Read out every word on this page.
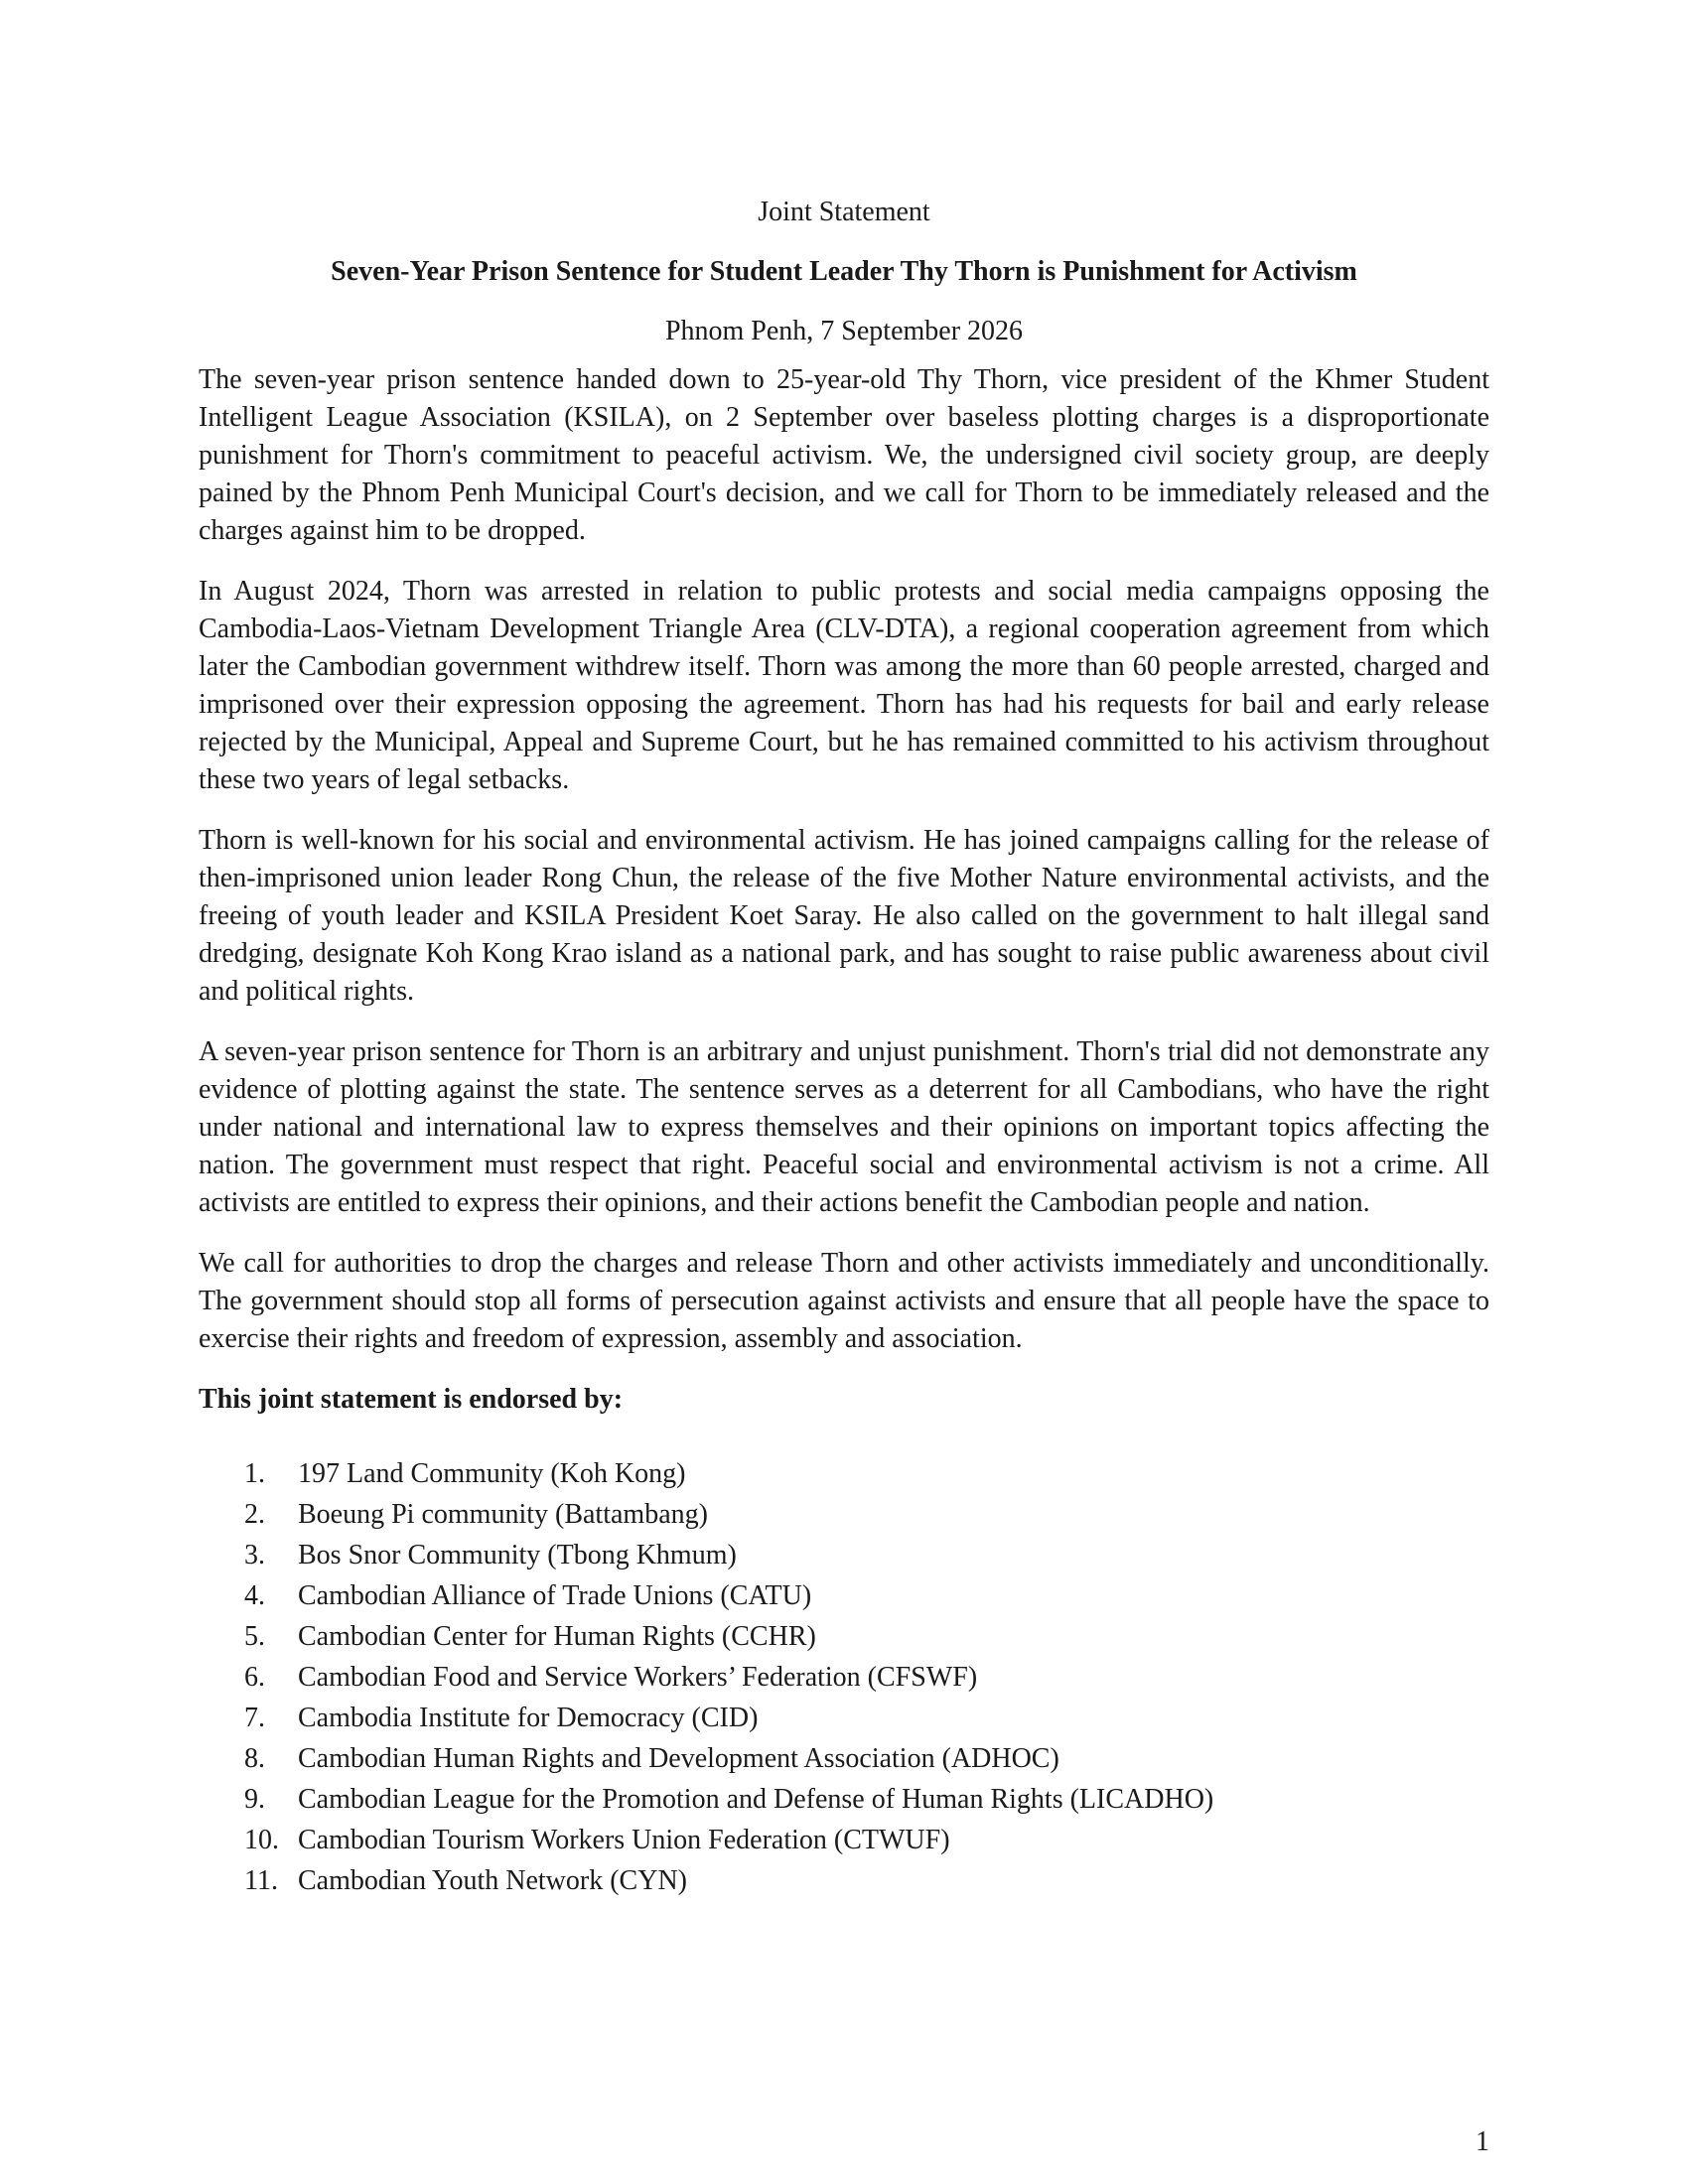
Joint Statement
Seven-Year Prison Sentence for Student Leader Thy Thorn is Punishment for Activism
Phnom Penh, 7 September 2026

The seven-year prison sentence handed down to 25-year-old Thy Thorn, vice president of the Khmer Student Intelligent League Association (KSILA), on 2 September over baseless plotting charges is a disproportionate punishment for Thorn's commitment to peaceful activism. We, the undersigned civil society group, are deeply pained by the Phnom Penh Municipal Court's decision, and we call for Thorn to be immediately released and the charges against him to be dropped.

In August 2024, Thorn was arrested in relation to public protests and social media campaigns opposing the Cambodia-Laos-Vietnam Development Triangle Area (CLV-DTA), a regional cooperation agreement from which later the Cambodian government withdrew itself. Thorn was among the more than 60 people arrested, charged and imprisoned over their expression opposing the agreement. Thorn has had his requests for bail and early release rejected by the Municipal, Appeal and Supreme Court, but he has remained committed to his activism throughout these two years of legal setbacks.

Thorn is well-known for his social and environmental activism. He has joined campaigns calling for the release of then-imprisoned union leader Rong Chun, the release of the five Mother Nature environmental activists, and the freeing of youth leader and KSILA President Koet Saray. He also called on the government to halt illegal sand dredging, designate Koh Kong Krao island as a national park, and has sought to raise public awareness about civil and political rights.

A seven-year prison sentence for Thorn is an arbitrary and unjust punishment. Thorn's trial did not demonstrate any evidence of plotting against the state. The sentence serves as a deterrent for all Cambodians, who have the right under national and international law to express themselves and their opinions on important topics affecting the nation. The government must respect that right. Peaceful social and environmental activism is not a crime. All activists are entitled to express their opinions, and their actions benefit the Cambodian people and nation.

We call for authorities to drop the charges and release Thorn and other activists immediately and unconditionally. The government should stop all forms of persecution against activists and ensure that all people have the space to exercise their rights and freedom of expression, assembly and association.

This joint statement is endorsed by:
1.	197 Land Community (Koh Kong)
2.	Boeung Pi community (Battambang)
3.	Bos Snor Community (Tbong Khmum)
4.	Cambodian Alliance of Trade Unions (CATU)
5.	Cambodian Center for Human Rights (CCHR)
6.	Cambodian Food and Service Workers’ Federation (CFSWF)
7.	Cambodia Institute for Democracy (CID)
8.	Cambodian Human Rights and Development Association (ADHOC)
9.	Cambodian League for the Promotion and Defense of Human Rights (LICADHO)
10. Cambodian Tourism Workers Union Federation (CTWUF)
11. Cambodian Youth Network (CYN)
1
